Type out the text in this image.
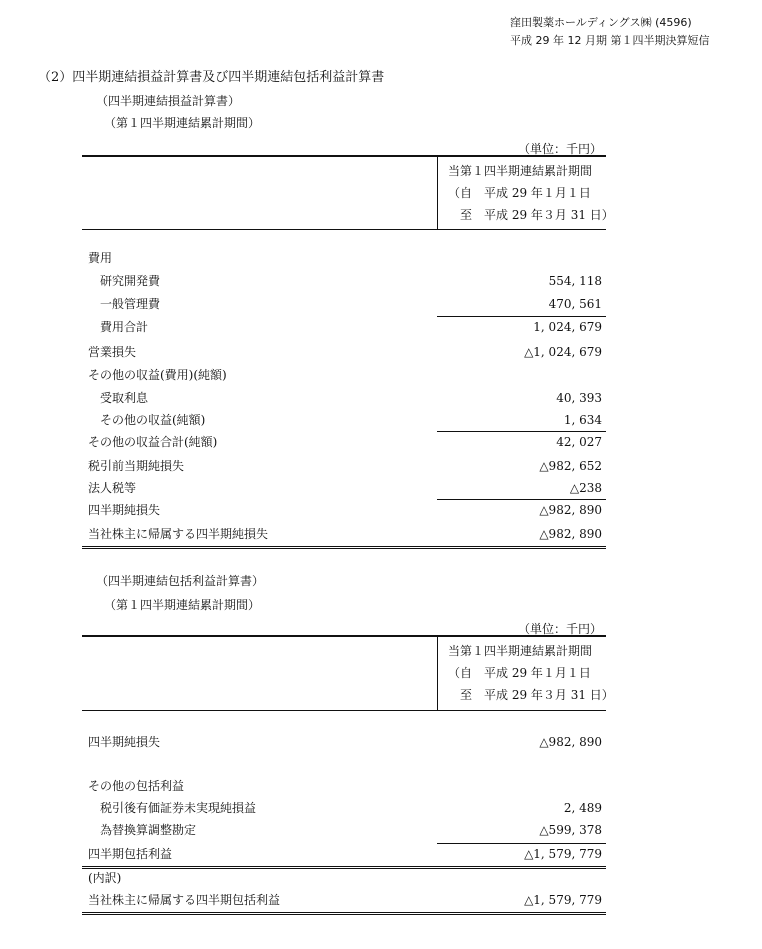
窪田製薬ホールディングス㈱ (4596)
平成 29 年 12 月期 第１四半期決算短信
（2）四半期連結損益計算書及び四半期連結包括利益計算書
（四半期連結損益計算書）
（第１四半期連結累計期間）
（単位：千円）
当第１四半期連結累計期間
（自　平成 29 年１月１日
　至　平成 29 年３月 31 日）
費用
研究開発費	554, 118
一般管理費	470, 561
費用合計	1, 024, 679
営業損失	△1, 024, 679
その他の収益(費用)(純額)
受取利息	40, 393
その他の収益(純額)	1, 634
その他の収益合計(純額)	42, 027
税引前当期純損失	△982, 652
法人税等	△238
四半期純損失	△982, 890
当社株主に帰属する四半期純損失	△982, 890
（四半期連結包括利益計算書）
（第１四半期連結累計期間）
（単位：千円）
当第１四半期連結累計期間
（自　平成 29 年１月１日
　至　平成 29 年３月 31 日）
四半期純損失	△982, 890
その他の包括利益
税引後有価証券未実現純損益	2, 489
為替換算調整勘定	△599, 378
四半期包括利益	△1, 579, 779
(内訳)
当社株主に帰属する四半期包括利益	△1, 579, 779
